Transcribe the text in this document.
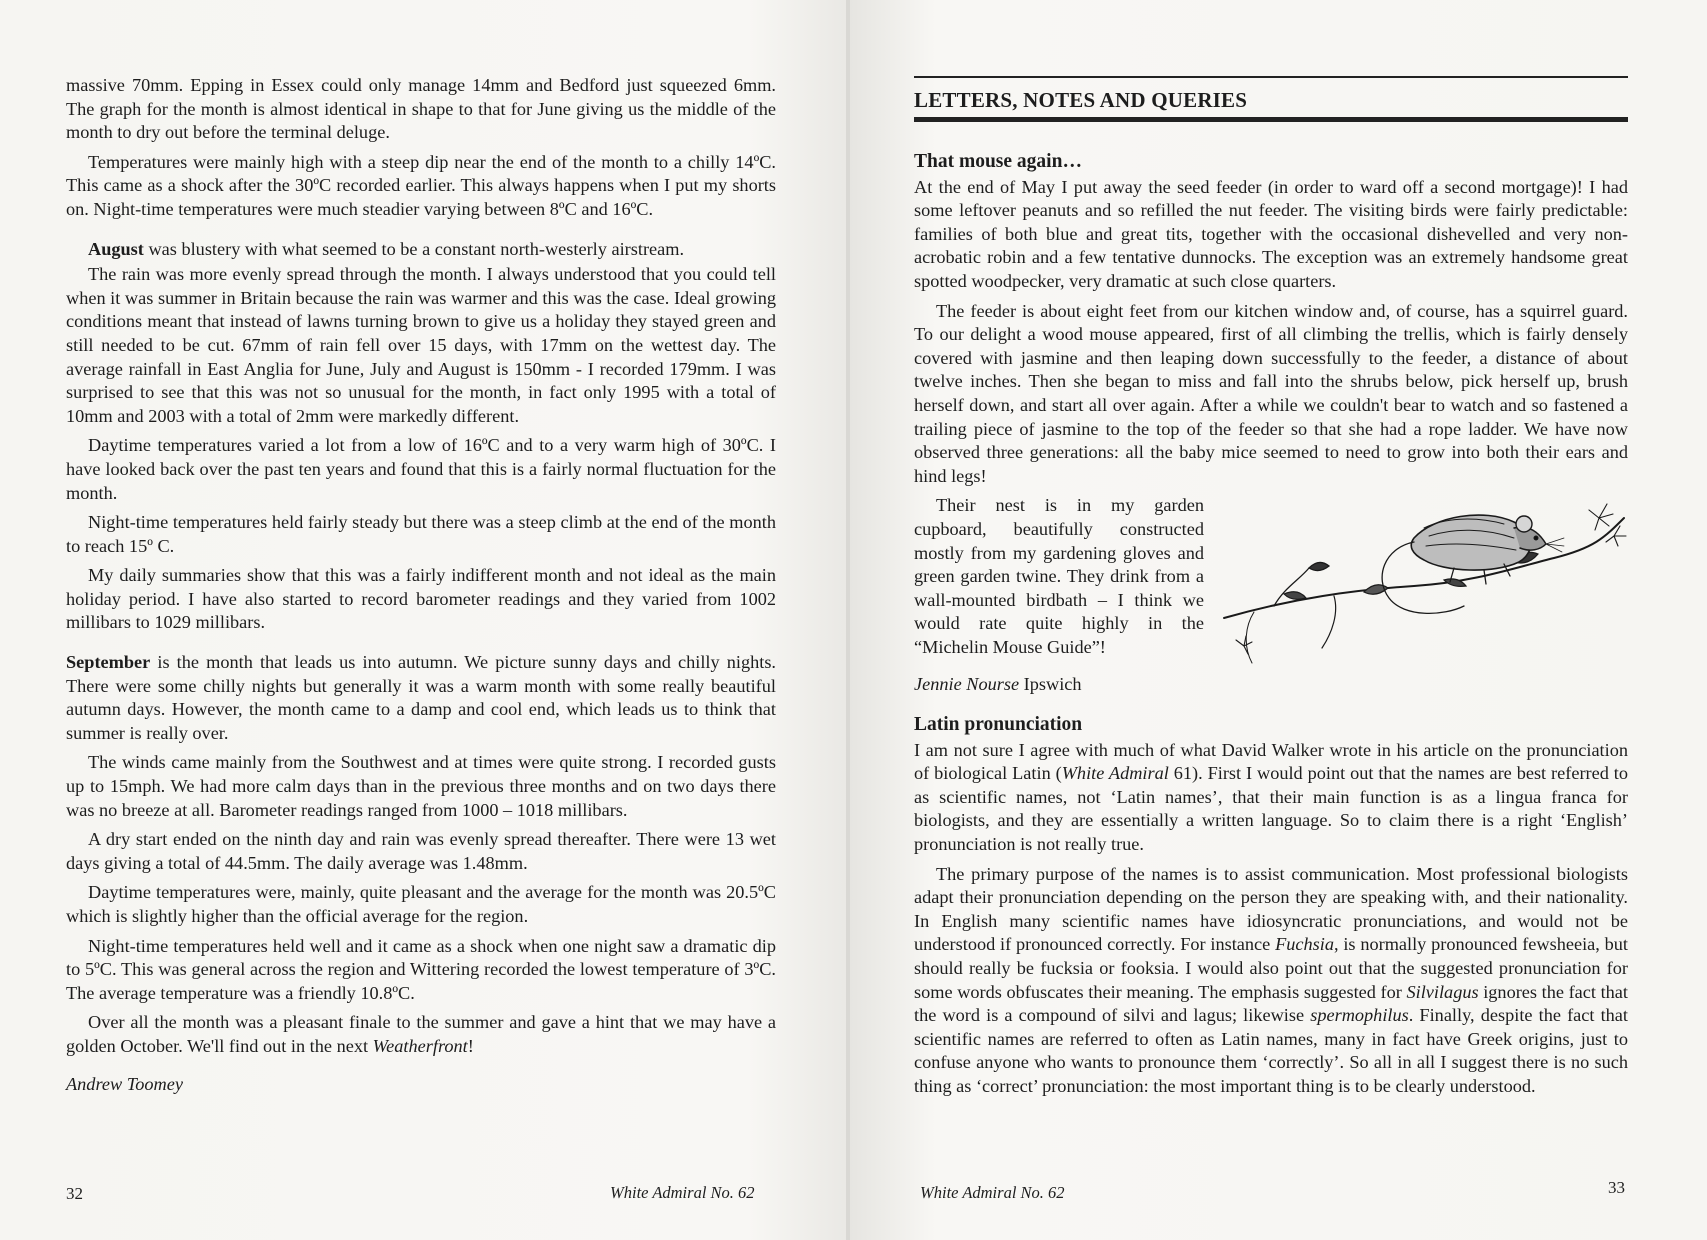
massive 70mm. Epping in Essex could only manage 14mm and Bedford just squeezed 6mm. The graph for the month is almost identical in shape to that for June giving us the middle of the month to dry out before the terminal deluge.

Temperatures were mainly high with a steep dip near the end of the month to a chilly 14ºC. This came as a shock after the 30ºC recorded earlier. This always happens when I put my shorts on. Night-time temperatures were much steadier varying between 8ºC and 16ºC.

August was blustery with what seemed to be a constant north-westerly airstream.

The rain was more evenly spread through the month. I always understood that you could tell when it was summer in Britain because the rain was warmer and this was the case. Ideal growing conditions meant that instead of lawns turning brown to give us a holiday they stayed green and still needed to be cut. 67mm of rain fell over 15 days, with 17mm on the wettest day. The average rainfall in East Anglia for June, July and August is 150mm - I recorded 179mm. I was surprised to see that this was not so unusual for the month, in fact only 1995 with a total of 10mm and 2003 with a total of 2mm were markedly different.

Daytime temperatures varied a lot from a low of 16ºC and to a very warm high of 30ºC. I have looked back over the past ten years and found that this is a fairly normal fluctuation for the month.

Night-time temperatures held fairly steady but there was a steep climb at the end of the month to reach 15º C.

My daily summaries show that this was a fairly indifferent month and not ideal as the main holiday period. I have also started to record barometer readings and they varied from 1002 millibars to 1029 millibars.

September is the month that leads us into autumn. We picture sunny days and chilly nights. There were some chilly nights but generally it was a warm month with some really beautiful autumn days. However, the month came to a damp and cool end, which leads us to think that summer is really over.

The winds came mainly from the Southwest and at times were quite strong. I recorded gusts up to 15mph. We had more calm days than in the previous three months and on two days there was no breeze at all. Barometer readings ranged from 1000 – 1018 millibars.

A dry start ended on the ninth day and rain was evenly spread thereafter. There were 13 wet days giving a total of 44.5mm. The daily average was 1.48mm.

Daytime temperatures were, mainly, quite pleasant and the average for the month was 20.5ºC which is slightly higher than the official average for the region.

Night-time temperatures held well and it came as a shock when one night saw a dramatic dip to 5ºC. This was general across the region and Wittering recorded the lowest temperature of 3ºC. The average temperature was a friendly 10.8ºC.

Over all the month was a pleasant finale to the summer and gave a hint that we may have a golden October. We'll find out in the next Weatherfront!

Andrew Toomey

32	White Admiral No. 62
LETTERS, NOTES AND QUERIES
That mouse again…

At the end of May I put away the seed feeder (in order to ward off a second mortgage)! I had some leftover peanuts and so refilled the nut feeder. The visiting birds were fairly predictable: families of both blue and great tits, together with the occasional dishevelled and very non-acrobatic robin and a few tentative dunnocks. The exception was an extremely handsome great spotted woodpecker, very dramatic at such close quarters.

The feeder is about eight feet from our kitchen window and, of course, has a squirrel guard. To our delight a wood mouse appeared, first of all climbing the trellis, which is fairly densely covered with jasmine and then leaping down successfully to the feeder, a distance of about twelve inches. Then she began to miss and fall into the shrubs below, pick herself up, brush herself down, and start all over again. After a while we couldn't bear to watch and so fastened a trailing piece of jasmine to the top of the feeder so that she had a rope ladder. We have now observed three generations: all the baby mice seemed to need to grow into both their ears and hind legs!

Their nest is in my garden cupboard, beautifully constructed mostly from my gardening gloves and green garden twine. They drink from a wall-mounted birdbath – I think we would rate quite highly in the “Michelin Mouse Guide”!

Jennie Nourse Ipswich

Latin pronunciation

I am not sure I agree with much of what David Walker wrote in his article on the pronunciation of biological Latin (White Admiral 61). First I would point out that the names are best referred to as scientific names, not ‘Latin names’, that their main function is as a lingua franca for biologists, and they are essentially a written language. So to claim there is a right ‘English’ pronunciation is not really true.

The primary purpose of the names is to assist communication. Most professional biologists adapt their pronunciation depending on the person they are speaking with, and their nationality. In English many scientific names have idiosyncratic pronunciations, and would not be understood if pronounced correctly. For instance Fuchsia, is normally pronounced fewsheeia, but should really be fucksia or fooksia. I would also point out that the suggested pronunciation for some words obfuscates their meaning. The emphasis suggested for Silvilagus ignores the fact that the word is a compound of silvi and lagus; likewise spermophilus. Finally, despite the fact that scientific names are referred to often as Latin names, many in fact have Greek origins, just to confuse anyone who wants to pronounce them ‘correctly’. So all in all I suggest there is no such thing as ‘correct’ pronunciation: the most important thing is to be clearly understood.

White Admiral No. 62	33
